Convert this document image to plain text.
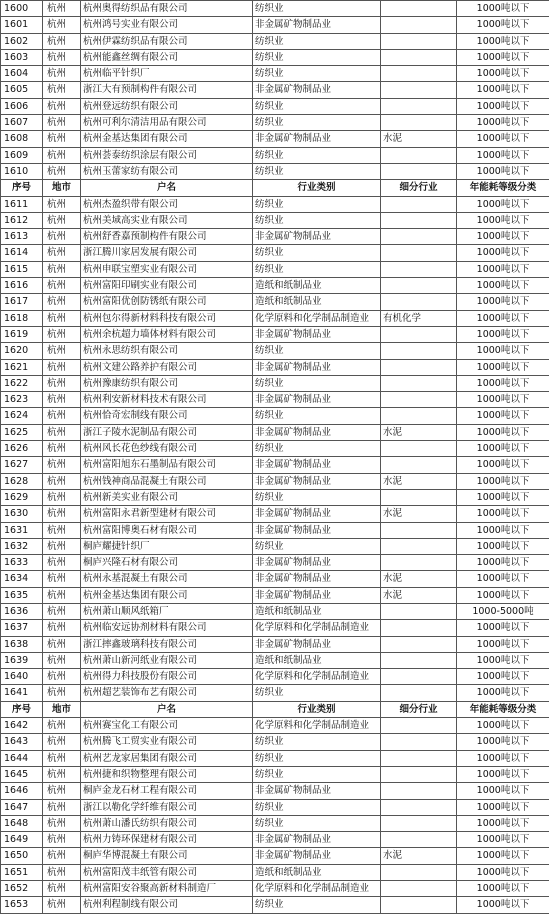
1600	杭州	杭州奥得纺织品有限公司	纺织业		1000吨以下
1601	杭州	杭州鸿号实业有限公司	非金属矿物制品业		1000吨以下
1602	杭州	杭州伊霖纺织品有限公司	纺织业		1000吨以下
1603	杭州	杭州能鑫丝绸有限公司	纺织业		1000吨以下
1604	杭州	杭州临平针织厂	纺织业		1000吨以下
1605	杭州	浙江大有预制构件有限公司	非金属矿物制品业		1000吨以下
1606	杭州	杭州登远纺织有限公司	纺织业		1000吨以下
1607	杭州	杭州可利尔清洁用品有限公司	纺织业		1000吨以下
1608	杭州	杭州金基达集团有限公司	非金属矿物制品业	水泥	1000吨以下
1609	杭州	杭州荟泰纺织涂层有限公司	纺织业		1000吨以下
1610	杭州	杭州玉蕾家纺有限公司	纺织业		1000吨以下
序号	地市	户名	行业类别	细分行业	年能耗等级分类
1611	杭州	杭州杰盈织带有限公司	纺织业		1000吨以下
1612	杭州	杭州美域高实业有限公司	纺织业		1000吨以下
1613	杭州	杭州舒香嘉预制构件有限公司	非金属矿物制品业		1000吨以下
1614	杭州	浙江腾川家居发展有限公司	纺织业		1000吨以下
1615	杭州	杭州申联宝塑实业有限公司	纺织业		1000吨以下
1616	杭州	杭州富阳印刷实业有限公司	造纸和纸制品业		1000吨以下
1617	杭州	杭州富阳优创防锈纸有限公司	造纸和纸制品业		1000吨以下
1618	杭州	杭州包尔得新材料科技有限公司	化学原料和化学制品制造业	有机化学	1000吨以下
1619	杭州	杭州余杭超力墙体材料有限公司	非金属矿物制品业		1000吨以下
1620	杭州	杭州永思纺织有限公司	纺织业		1000吨以下
1621	杭州	杭州文建公路养护有限公司	非金属矿物制品业		1000吨以下
1622	杭州	杭州豫康纺织有限公司	纺织业		1000吨以下
1623	杭州	杭州利安新材料技术有限公司	非金属矿物制品业		1000吨以下
1624	杭州	杭州恰奇宏制线有限公司	纺织业		1000吨以下
1625	杭州	浙江子陵水泥制品有限公司	非金属矿物制品业	水泥	1000吨以下
1626	杭州	杭州风长花色纱线有限公司	纺织业		1000吨以下
1627	杭州	杭州富阳旭东石墨制品有限公司	非金属矿物制品业		1000吨以下
1628	杭州	杭州钱神商品混凝土有限公司	非金属矿物制品业	水泥	1000吨以下
1629	杭州	杭州新美实业有限公司	纺织业		1000吨以下
1630	杭州	杭州富阳永君新型建材有限公司	非金属矿物制品业	水泥	1000吨以下
1631	杭州	杭州富阳博奥石材有限公司	非金属矿物制品业		1000吨以下
1632	杭州	桐庐耀捷针织厂	纺织业		1000吨以下
1633	杭州	桐庐兴隆石材有限公司	非金属矿物制品业		1000吨以下
1634	杭州	杭州永基混凝土有限公司	非金属矿物制品业	水泥	1000吨以下
1635	杭州	杭州金基达集团有限公司	非金属矿物制品业	水泥	1000吨以下
1636	杭州	杭州萧山顺风纸箱厂	造纸和纸制品业		1000-5000吨
1637	杭州	杭州临安远协剂材料有限公司	化学原料和化学制品制造业		1000吨以下
1638	杭州	浙江摔鑫玻璃科技有限公司	非金属矿物制品业		1000吨以下
1639	杭州	杭州萧山新河纸业有限公司	造纸和纸制品业		1000吨以下
1640	杭州	杭州得力科技股份有限公司	化学原料和化学制品制造业		1000吨以下
1641	杭州	杭州超艺装饰布艺有限公司	纺织业		1000吨以下
序号	地市	户名	行业类别	细分行业	年能耗等级分类
1642	杭州	杭州赛宝化工有限公司	化学原料和化学制品制造业		1000吨以下
1643	杭州	杭州腾飞工贸实业有限公司	纺织业		1000吨以下
1644	杭州	杭州艺龙家居集团有限公司	纺织业		1000吨以下
1645	杭州	杭州捷和织物整理有限公司	纺织业		1000吨以下
1646	杭州	桐庐金龙石材工程有限公司	非金属矿物制品业		1000吨以下
1647	杭州	浙江以勒化学纤维有限公司	纺织业		1000吨以下
1648	杭州	杭州萧山潘氏纺织有限公司	纺织业		1000吨以下
1649	杭州	杭州力铸环保建材有限公司	非金属矿物制品业		1000吨以下
1650	杭州	桐庐华博混凝土有限公司	非金属矿物制品业	水泥	1000吨以下
1651	杭州	杭州富阳茂丰纸管有限公司	造纸和纸制品业		1000吨以下
1652	杭州	杭州富阳安谷聚高新材料制造厂	化学原料和化学制品制造业		1000吨以下
1653	杭州	杭州利程制线有限公司	纺织业		1000吨以下
